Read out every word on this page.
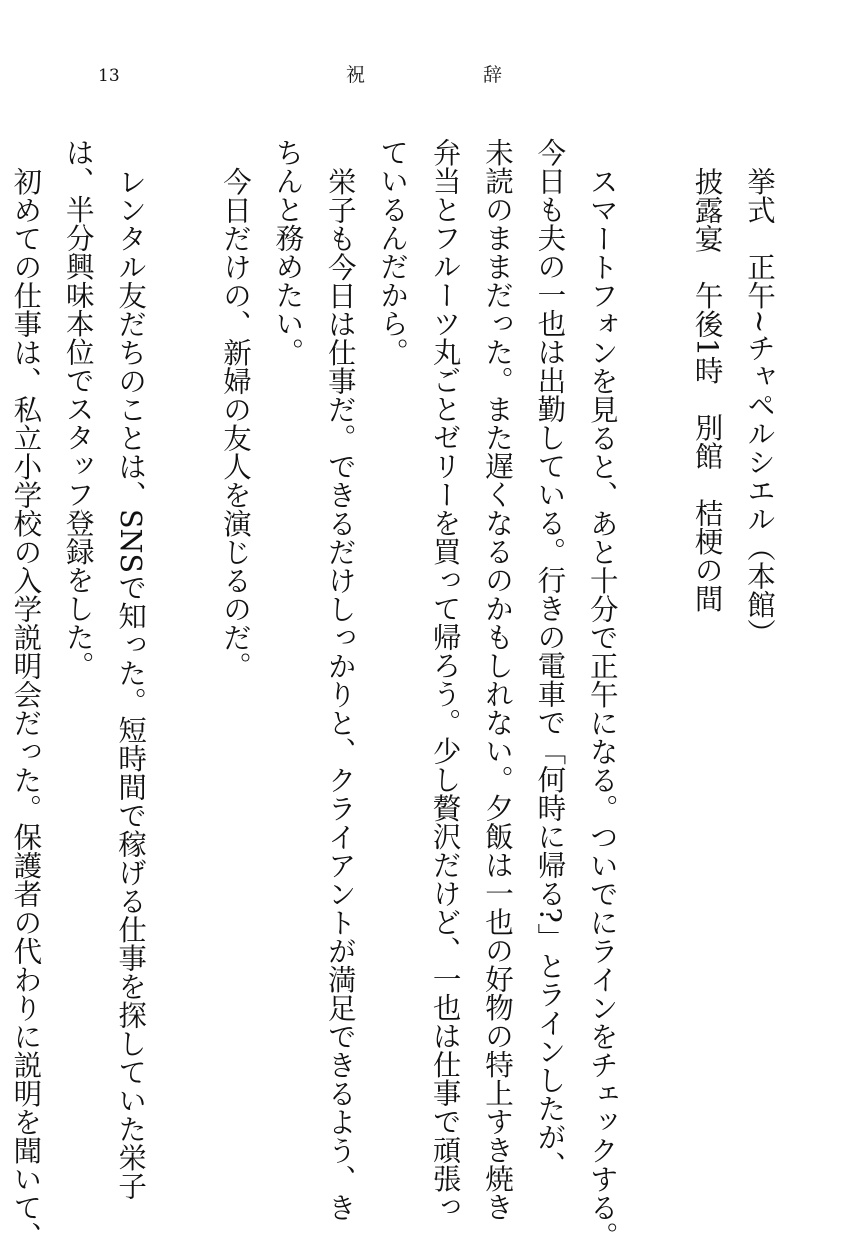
13	祝辞

挙式　正午~チャペルシエル（本館）

披露宴　午後1時　別館　桔梗の間

スマートフォンを見ると、あと十分で正午になる。ついでにラインをチェックする。

今日も夫の一也は出勤している。行きの電車で「何時に帰る?」とラインしたが、

未読のままだった。また遅くなるのかもしれない。夕飯は一也の好物の特上すき焼き

弁当とフルーツ丸ごとゼリーを買って帰ろう。少し贅沢だけど、一也は仕事で頑張っ

ているんだから。

栄子も今日は仕事だ。できるだけしっかりと、クライアントが満足できるよう、き

ちんと務めたい。

今日だけの、新婦の友人を演じるのだ。

レンタル友だちのことは、SNSで知った。短時間で稼げる仕事を探していた栄子

は、半分興味本位でスタッフ登録をした。

初めての仕事は、私立小学校の入学説明会だった。保護者の代わりに説明を聞いて、
